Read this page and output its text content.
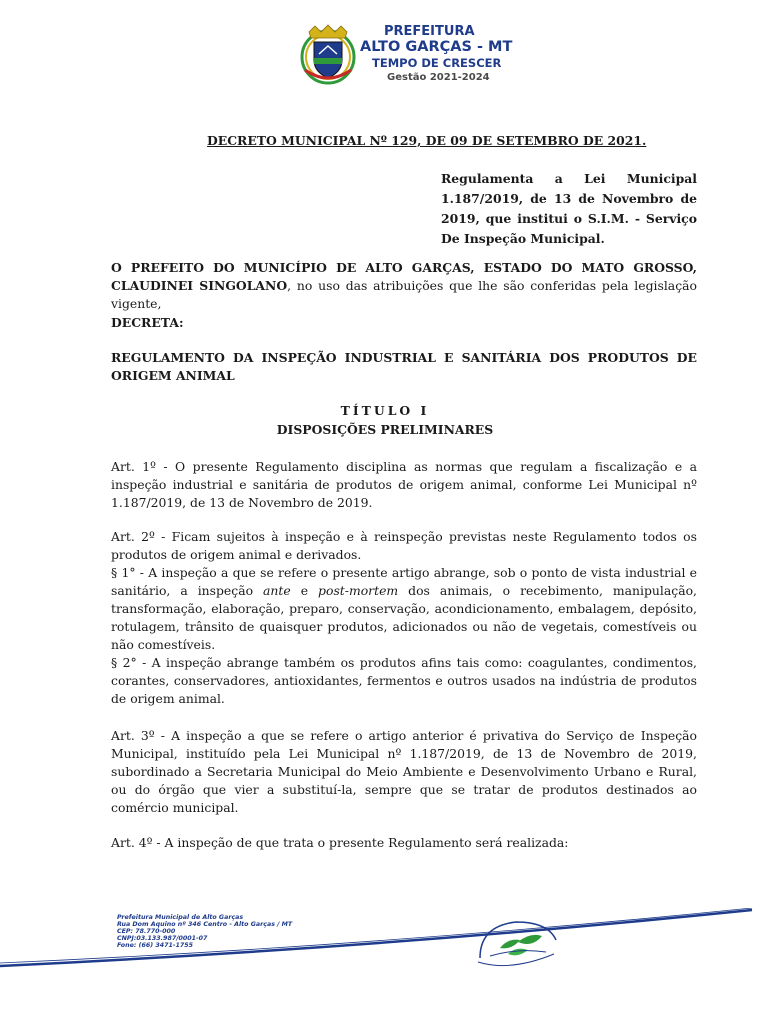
PREFEITURA
ALTO GARÇAS - MT
TEMPO DE CRESCER
Gestão 2021-2024
DECRETO MUNICIPAL Nº 129, DE 09 DE SETEMBRO DE 2021.
Regulamenta a Lei Municipal 1.187/2019, de 13 de Novembro de 2019, que institui o S.I.M. - Serviço De Inspeção Municipal.
O PREFEITO DO MUNICÍPIO DE ALTO GARÇAS, ESTADO DO MATO GROSSO, CLAUDINEI SINGOLANO, no uso das atribuições que lhe são conferidas pela legislação vigente,
DECRETA:
REGULAMENTO DA INSPEÇÃO INDUSTRIAL E SANITÁRIA DOS PRODUTOS DE ORIGEM ANIMAL
TÍTULO I
DISPOSIÇÕES PRELIMINARES
Art. 1º - O presente Regulamento disciplina as normas que regulam a fiscalização e a inspeção industrial e sanitária de produtos de origem animal, conforme Lei Municipal nº 1.187/2019, de 13 de Novembro de 2019.
Art. 2º - Ficam sujeitos à inspeção e à reinspeção previstas neste Regulamento todos os produtos de origem animal e derivados.
§ 1° - A inspeção a que se refere o presente artigo abrange, sob o ponto de vista industrial e sanitário, a inspeção ante e post-mortem dos animais, o recebimento, manipulação, transformação, elaboração, preparo, conservação, acondicionamento, embalagem, depósito, rotulagem, trânsito de quaisquer produtos, adicionados ou não de vegetais, comestíveis ou não comestíveis.
§ 2° - A inspeção abrange também os produtos afins tais como: coagulantes, condimentos, corantes, conservadores, antioxidantes, fermentos e outros usados na indústria de produtos de origem animal.
Art. 3º - A inspeção a que se refere o artigo anterior é privativa do Serviço de Inspeção Municipal, instituído pela Lei Municipal nº 1.187/2019, de 13 de Novembro de 2019, subordinado a Secretaria Municipal do Meio Ambiente e Desenvolvimento Urbano e Rural, ou do órgão que vier a substituí-la, sempre que se tratar de produtos destinados ao comércio municipal.
Art. 4º - A inspeção de que trata o presente Regulamento será realizada:
Prefeitura Municipal de Alto Garças
Rua Dom Aquino nº 346 Centro - Alto Garças / MT
CEP: 78.770-000
CNPJ:03.133.987/0001-07
Fone: (66) 3471-1755
